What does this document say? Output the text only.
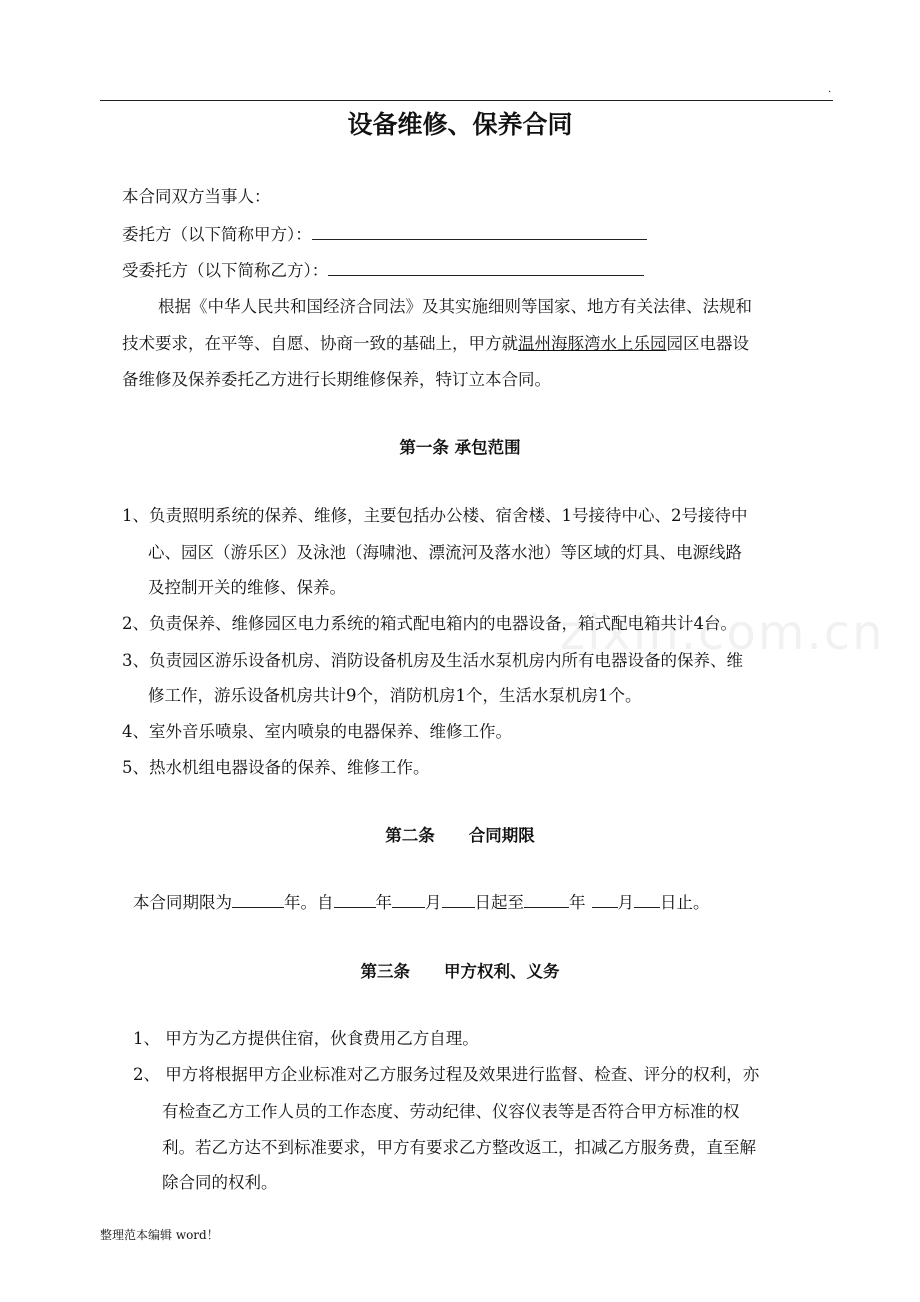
.
设备维修、保养合同
本合同双方当事人：
委托方（以下简称甲方）：
受委托方（以下简称乙方）：
根据《中华人民共和国经济合同法》及其实施细则等国家、地方有关法律、法规和
技术要求，在平等、自愿、协商一致的基础上，甲方就温州海豚湾水上乐园园区电器设
备维修及保养委托乙方进行长期维修保养，特订立本合同。
第一条 承包范围
1、负责照明系统的保养、维修，主要包括办公楼、宿舍楼、1号接待中心、2号接待中
心、园区（游乐区）及泳池（海啸池、漂流河及落水池）等区域的灯具、电源线路
及控制开关的维修、保养。
2、负责保养、维修园区电力系统的箱式配电箱内的电器设备，箱式配电箱共计4台。
3、负责园区游乐设备机房、消防设备机房及生活水泵机房内所有电器设备的保养、维
修工作，游乐设备机房共计9个，消防机房1个，生活水泵机房1个。
4、室外音乐喷泉、室内喷泉的电器保养、维修工作。
5、热水机组电器设备的保养、维修工作。
zixin.com.cn
第二条 合同期限
本合同期限为	年。自	年 月 日起至	年 月 日止。
第三条 甲方权利、义务
1、 甲方为乙方提供住宿，伙食费用乙方自理。
2、 甲方将根据甲方企业标准对乙方服务过程及效果进行监督、检查、评分的权利，亦
有检查乙方工作人员的工作态度、劳动纪律、仪容仪表等是否符合甲方标准的权
利。若乙方达不到标准要求，甲方有要求乙方整改返工，扣减乙方服务费，直至解
除合同的权利。
整理范本编辑 word！
